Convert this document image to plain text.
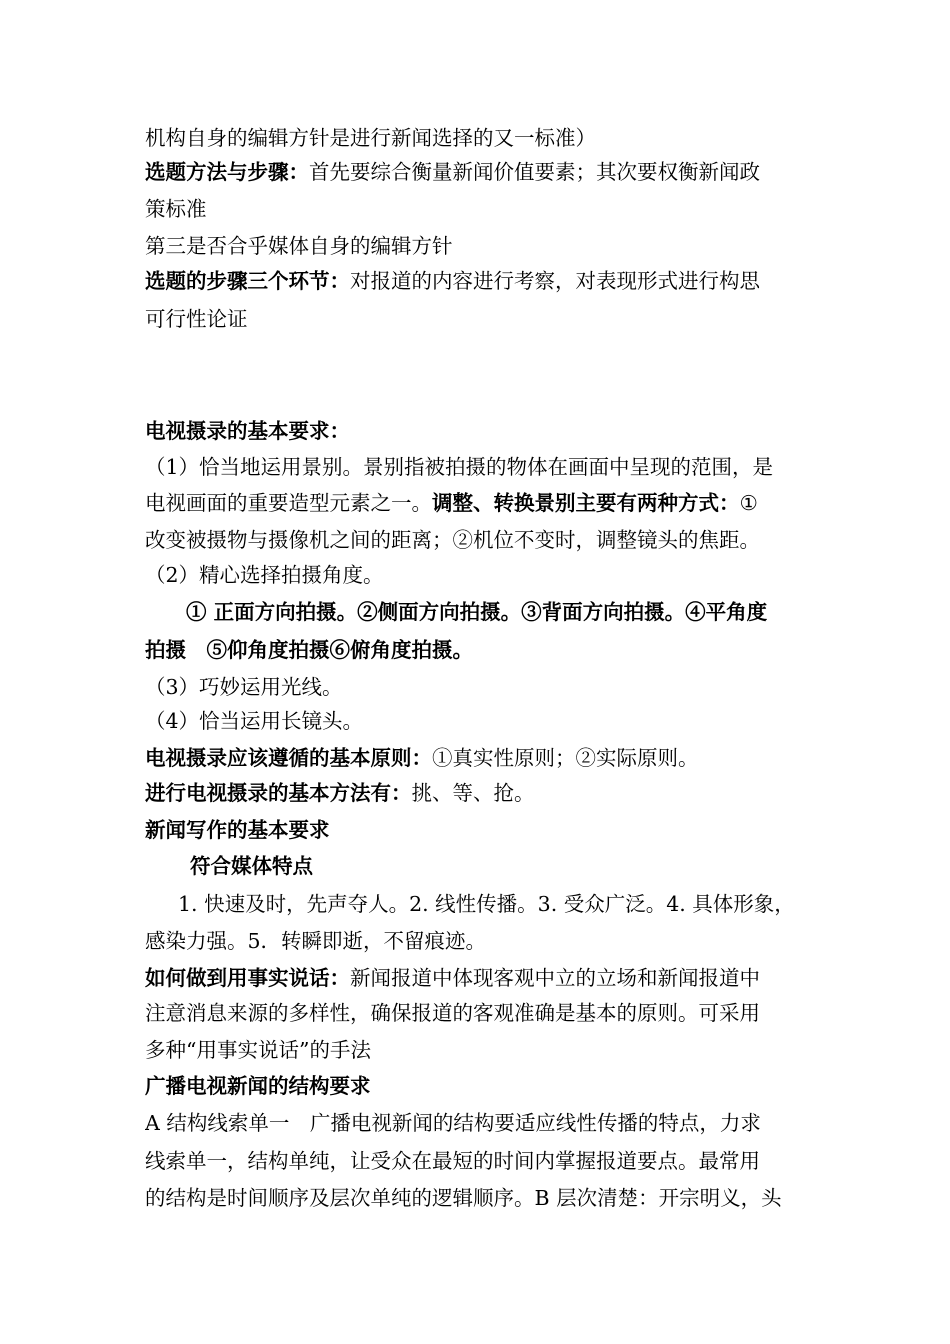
机构自身的编辑方针是进行新闻选择的又一标准）
选题方法与步骤：首先要综合衡量新闻价值要素；其次要权衡新闻政
策标准
第三是否合乎媒体自身的编辑方针
选题的步骤三个环节：对报道的内容进行考察，对表现形式进行构思
可行性论证
电视摄录的基本要求：
（1）恰当地运用景别。景别指被拍摄的物体在画面中呈现的范围，是
电视画面的重要造型元素之一。调整、转换景别主要有两种方式：①
改变被摄物与摄像机之间的距离；②机位不变时，调整镜头的焦距。
（2）精心选择拍摄角度。
① 正面方向拍摄。②侧面方向拍摄。③背面方向拍摄。④平角度
拍摄　⑤仰角度拍摄⑥俯角度拍摄。
（3）巧妙运用光线。
（4）恰当运用长镜头。
电视摄录应该遵循的基本原则：①真实性原则；②实际原则。
进行电视摄录的基本方法有：挑、等、抢。
新闻写作的基本要求
符合媒体特点
1. 快速及时，先声夺人。2. 线性传播。3. 受众广泛。4. 具体形象，
感染力强。5．转瞬即逝，不留痕迹。
如何做到用事实说话：新闻报道中体现客观中立的立场和新闻报道中
注意消息来源的多样性，确保报道的客观准确是基本的原则。可采用
多种“用事实说话”的手法
广播电视新闻的结构要求
A 结构线索单一　广播电视新闻的结构要适应线性传播的特点，力求
线索单一，结构单纯，让受众在最短的时间内掌握报道要点。最常用
的结构是时间顺序及层次单纯的逻辑顺序。B 层次清楚：开宗明义，头
